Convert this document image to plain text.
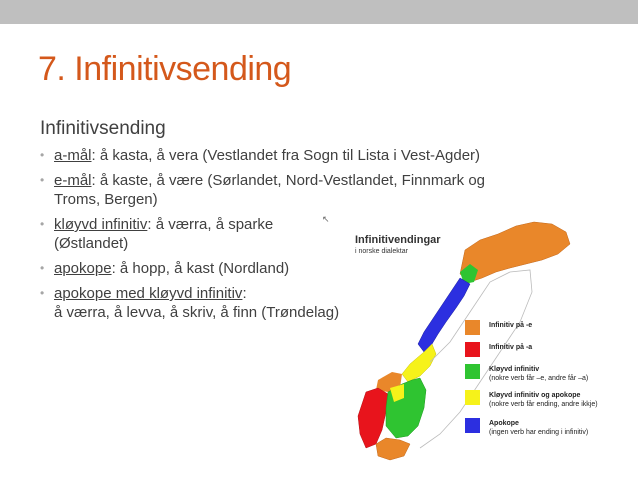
7. Infinitivsending
Infinitivsending
• a-mål: å kasta, å vera (Vestlandet fra Sogn til Lista i Vest-Agder)
• e-mål: å kaste, å være (Sørlandet, Nord-Vestlandet, Finnmark og
Troms, Bergen)
• kløyvd infinitiv: å værra, å sparke
(Østlandet)
• apokope: å hopp, å kast (Nordland)
• apokope med kløyvd infinitiv:
å værra, å levva, å skriv, å finn (Trøndelag)
Infinitivendingar
i norske dialektar
Infinitiv på -e
Infinitiv på -a
Kløyvd infinitiv
(nokre verb får –e, andre får –a)
Kløyvd infinitiv og apokope
(nokre verb får ending, andre ikkje)
Apokope
(ingen verb har ending i infinitiv)
↖
